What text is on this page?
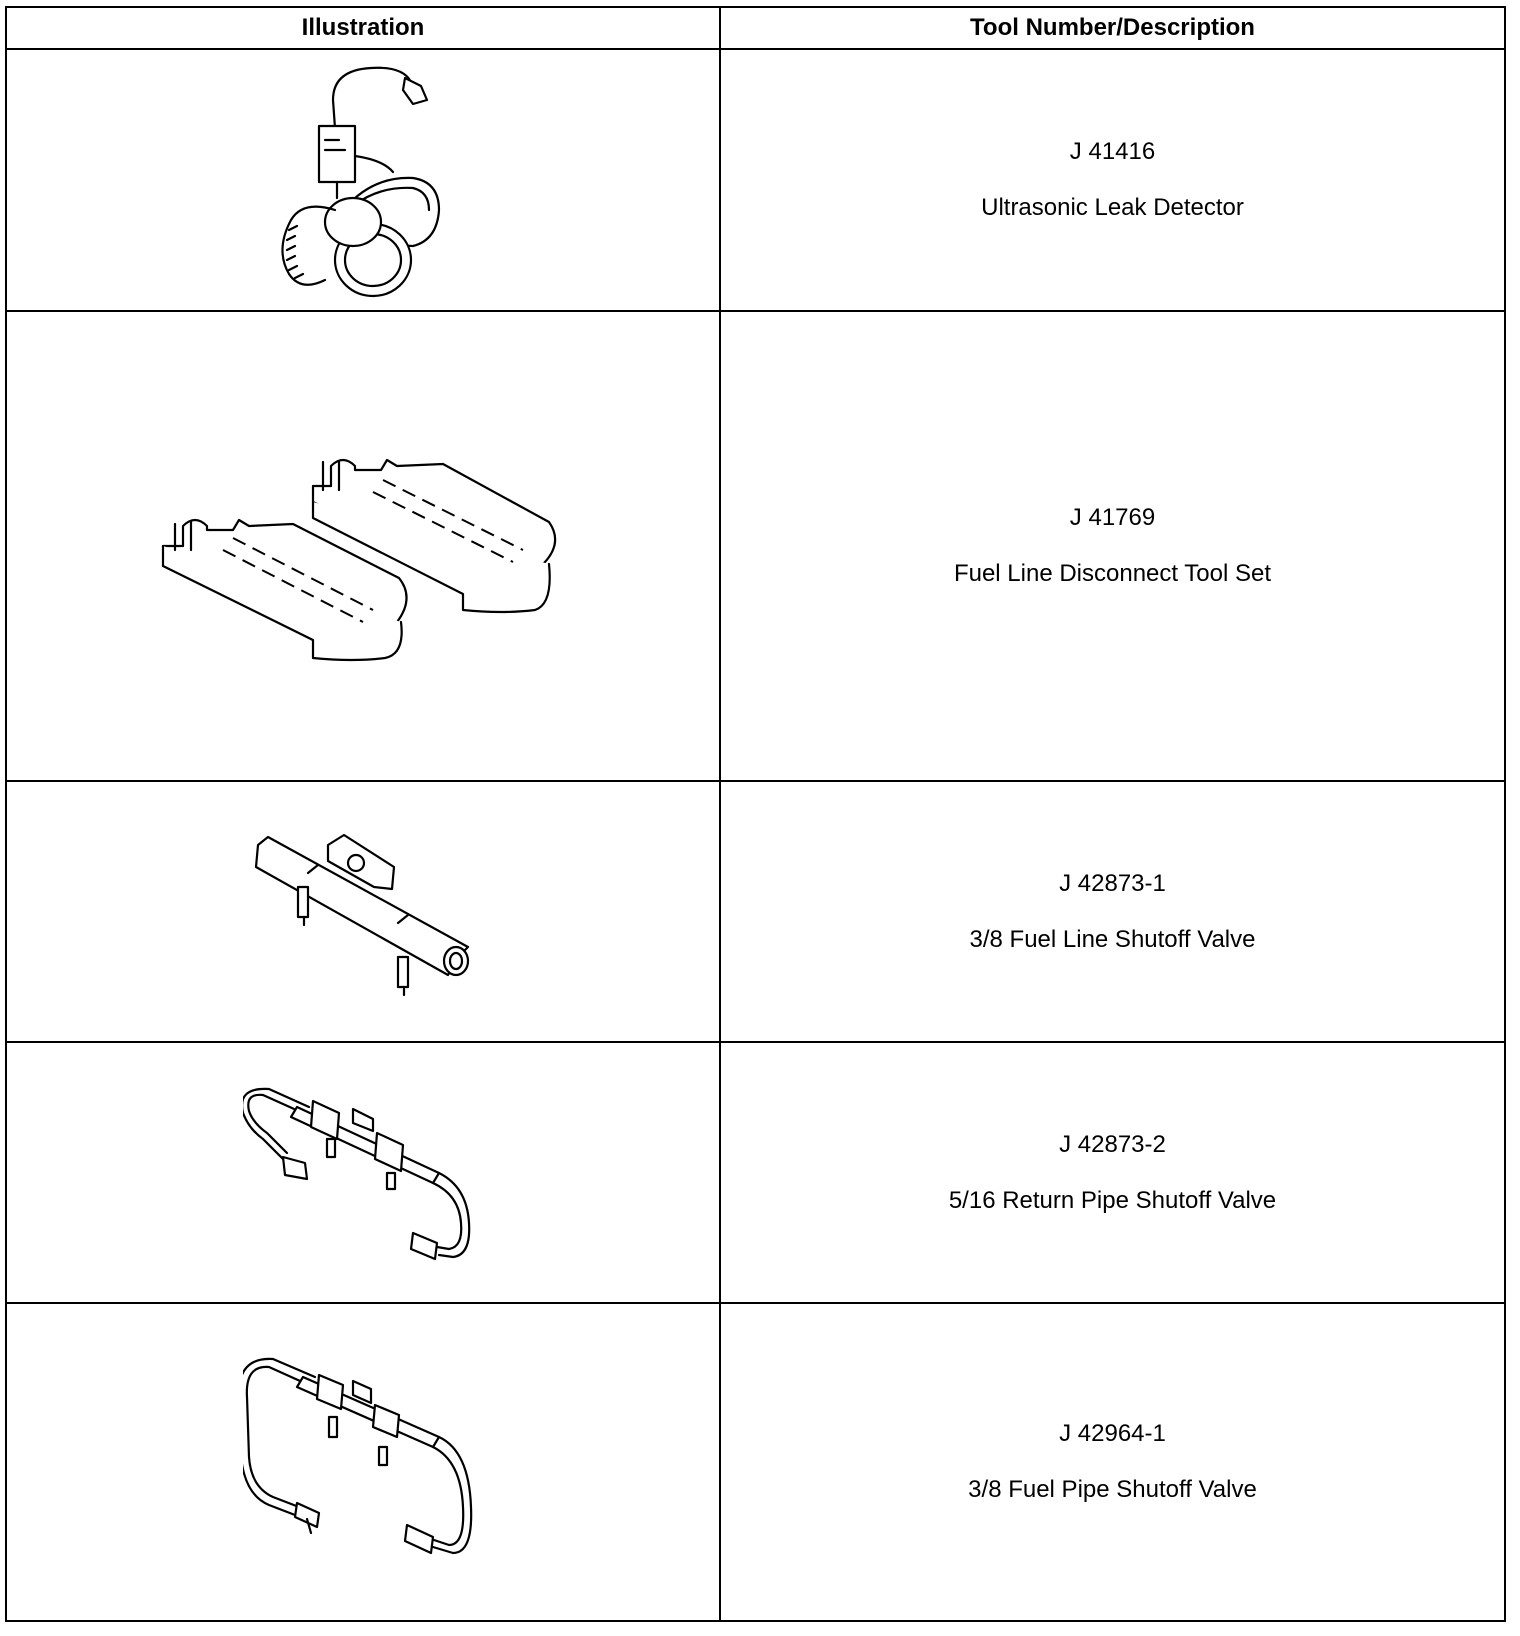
Illustration	Tool Number/Description

J 41416
Ultrasonic Leak Detector

J 41769
Fuel Line Disconnect Tool Set

J 42873-1
3/8 Fuel Line Shutoff Valve

J 42873-2
5/16 Return Pipe Shutoff Valve

J 42964-1
3/8 Fuel Pipe Shutoff Valve
